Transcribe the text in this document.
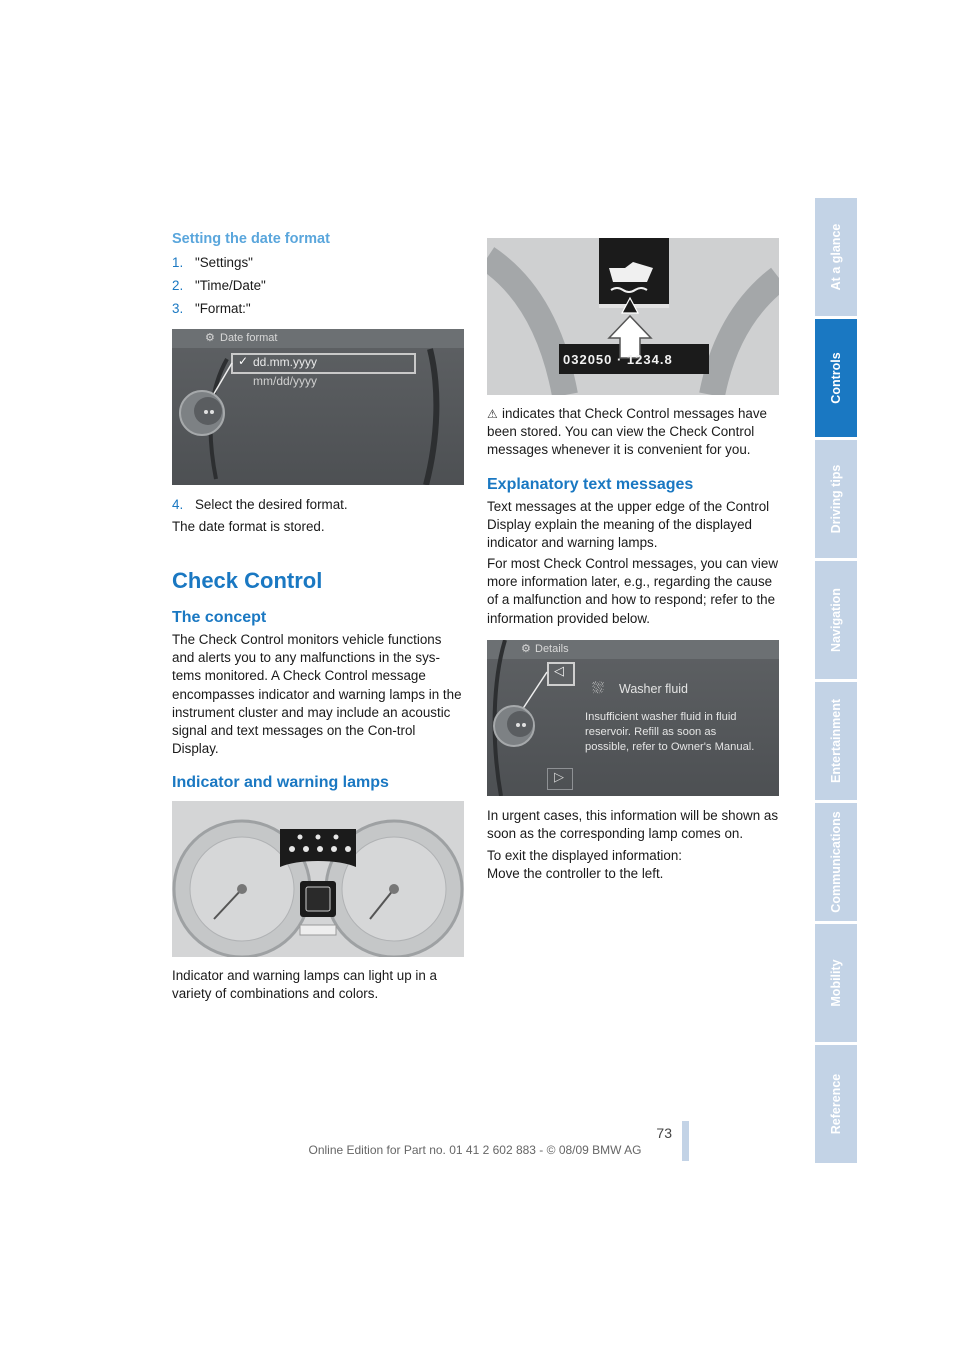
Setting the date format
1. "Settings"
2. "Time/Date"
3. "Format:"
⚙ Date format
✓ dd.mm.yyyy
mm/dd/yyyy
4. Select the desired format.
The date format is stored.
Check Control
The concept
The Check Control monitors vehicle functions and alerts you to any malfunctions in the sys-tems monitored. A Check Control message encompasses indicator and warning lamps in the instrument cluster and may include an acoustic signal and text messages on the Con-trol Display.
Indicator and warning lamps
Indicator and warning lamps can light up in a variety of combinations and colors.
032050 · 1234.8
⚠ indicates that Check Control messages have been stored. You can view the Check Control messages whenever it is convenient for you.
Explanatory text messages
Text messages at the upper edge of the Control Display explain the meaning of the displayed indicator and warning lamps.
For most Check Control messages, you can view more information later, e.g., regarding the cause of a malfunction and how to respond; refer to the information provided below.
⚙ Details
◁
▷
⛆ Washer fluid
Insufficient washer fluid in fluid reservoir. Refill as soon as possible, refer to Owner's Manual.
In urgent cases, this information will be shown as soon as the corresponding lamp comes on.
To exit the displayed information:
Move the controller to the left.
At a glance
Controls
Driving tips
Navigation
Entertainment
Communications
Mobility
Reference
73
Online Edition for Part no. 01 41 2 602 883 - © 08/09 BMW AG
